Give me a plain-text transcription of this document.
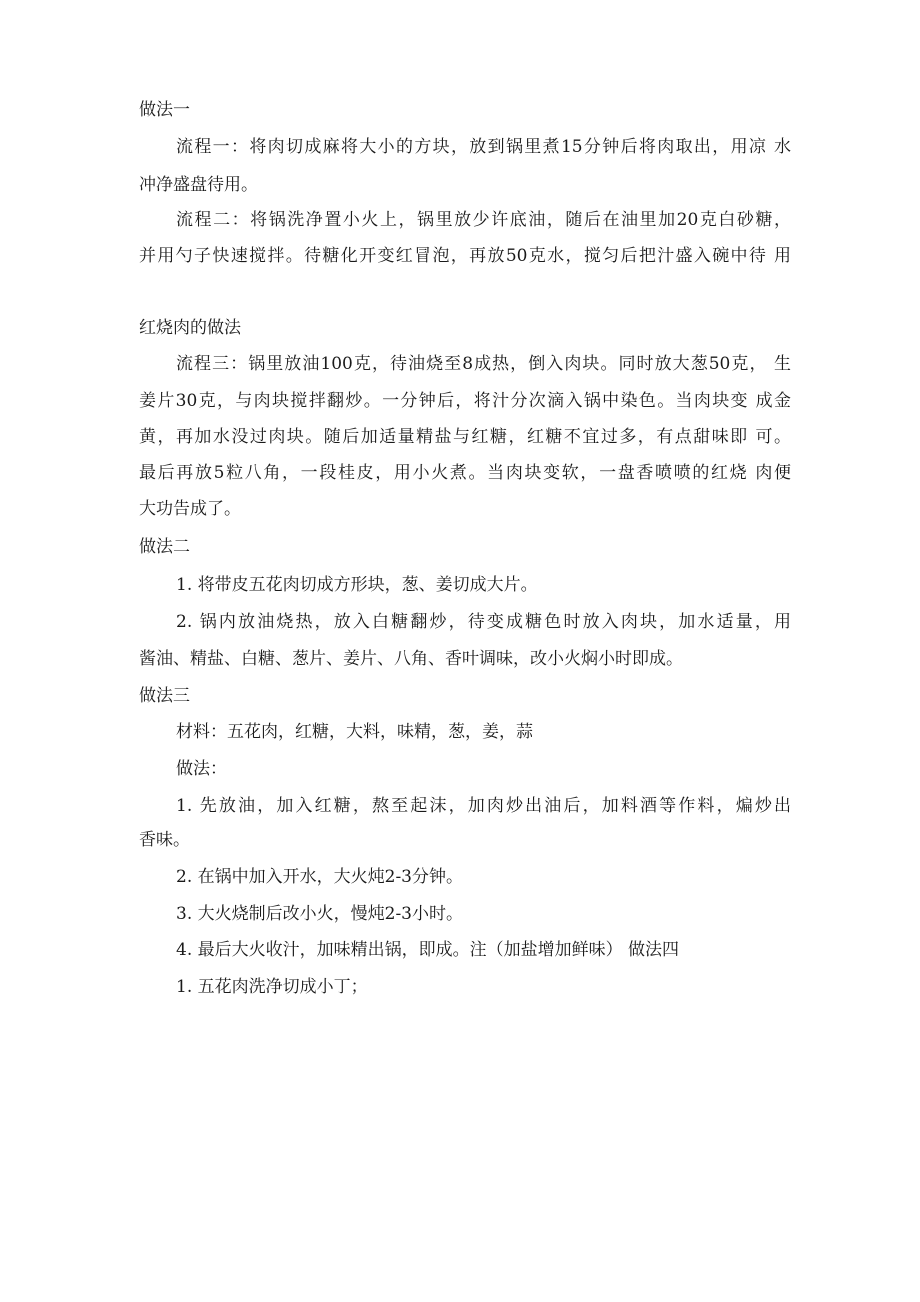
做法一
流程一：将肉切成麻将大小的方块，放到锅里煮15分钟后将肉取出，用凉 水
冲净盛盘待用。
流程二：将锅洗净置小火上，锅里放少许底油，随后在油里加20克白砂糖，
并用勺子快速搅拌。待糖化开变红冒泡，再放50克水，搅匀后把汁盛入碗中待 用
红烧肉的做法
流程三：锅里放油100克，待油烧至8成热，倒入肉块。同时放大葱50克， 生
姜片30克，与肉块搅拌翻炒。一分钟后，将汁分次滴入锅中染色。当肉块变 成金
黄，再加水没过肉块。随后加适量精盐与红糖，红糖不宜过多，有点甜味即 可。
最后再放5粒八角，一段桂皮，用小火煮。当肉块变软，一盘香喷喷的红烧 肉便
大功告成了。
做法二
1. 将带皮五花肉切成方形块，葱、姜切成大片。
2. 锅内放油烧热，放入白糖翻炒，待变成糖色时放入肉块，加水适量，用
酱油、精盐、白糖、葱片、姜片、八角、香叶调味，改小火焖小时即成。
做法三
材料：五花肉，红糖，大料，味精，葱，姜，蒜
做法：
1. 先放油，加入红糖，熬至起沫，加肉炒出油后，加料酒等作料，煸炒出
香味。
2. 在锅中加入开水，大火炖2-3分钟。
3. 大火烧制后改小火，慢炖2-3小时。
4. 最后大火收汁，加味精出锅，即成。注（加盐增加鲜味） 做法四
1. 五花肉洗净切成小丁；
